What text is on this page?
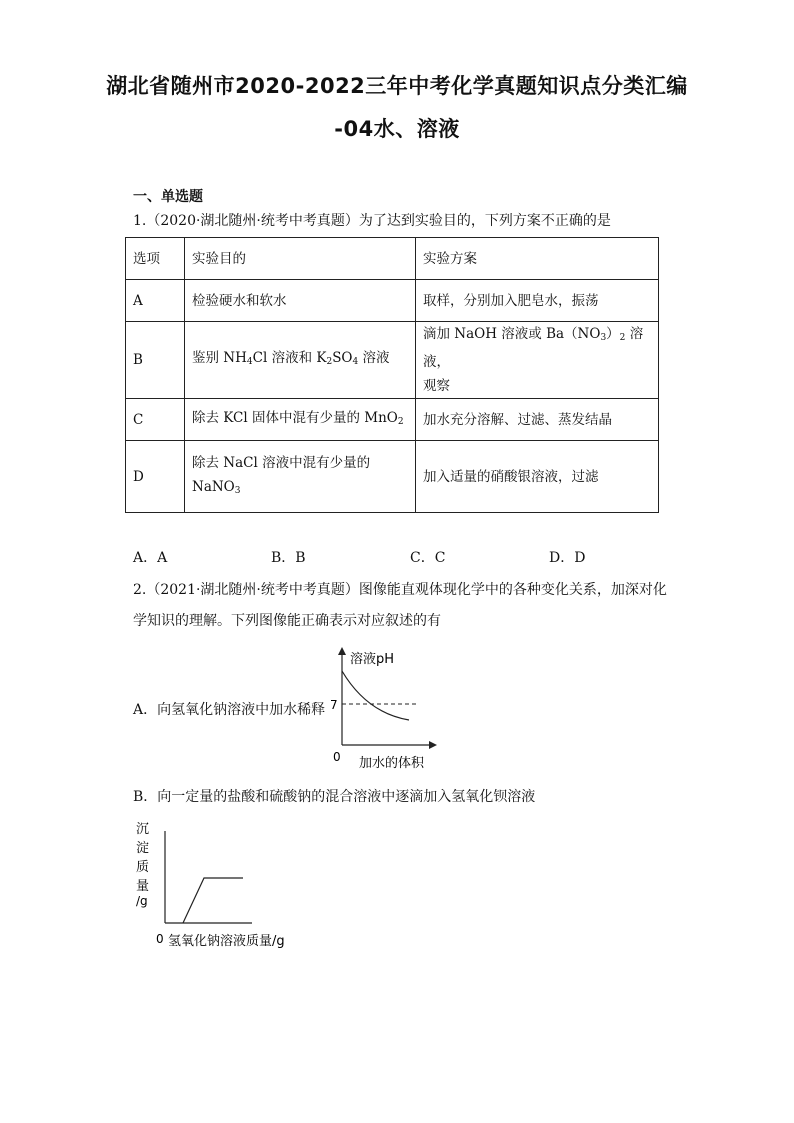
湖北省随州市2020-2022三年中考化学真题知识点分类汇编
-04水、溶液
一、单选题
1.（2020·湖北随州·统考中考真题）为了达到实验目的，下列方案不正确的是
选项	实验目的	实验方案
A	检验硬水和软水	取样，分别加入肥皂水，振荡
B	鉴别 $NH_4Cl$ 溶液和 $K_2SO_4$ 溶液	滴加 NaOH 溶液或 $Ba(NO_3)_2$ 溶液，
观察

C	除去 KCl 固体中混有少量的 MnO$_2$	加水充分溶解、过滤、蒸发结晶
D	除去 NaCl 溶液中混有少量的
NaNO$_3$	加入适量的硝酸银溶液，过滤
A．A	B．B	C．C	D．D
2.（2021·湖北随州·统考中考真题）图像能直观体现化学中的各种变化关系，加深对化
学知识的理解。下列图像能正确表示对应叙述的有
A．向氢氧化钠溶液中加水稀释
溶液pH
7
0 加水的体积
B．向一定量的盐酸和硫酸钠的混合溶液中逐滴加入氢氧化钡溶液
沉
淀
质
量
/g
0 氢氧化钠溶液质量/g
